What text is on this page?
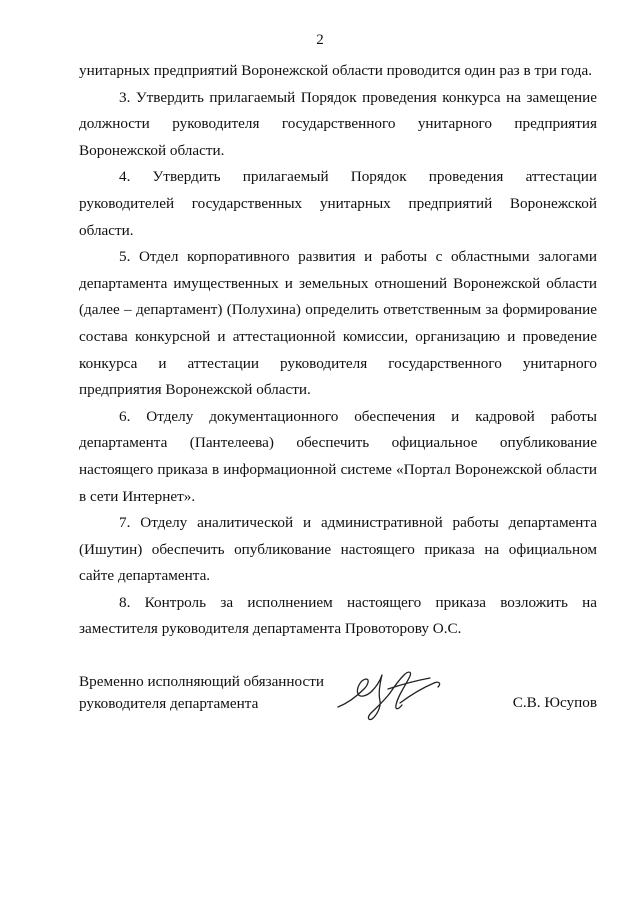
2

унитарных предприятий Воронежской области проводится один раз в три года.

3. Утвердить прилагаемый Порядок проведения конкурса на замещение должности руководителя государственного унитарного предприятия Воронежской области.

4. Утвердить прилагаемый Порядок проведения аттестации руководителей государственных унитарных предприятий Воронежской области.

5. Отдел корпоративного развития и работы с областными залогами департамента имущественных и земельных отношений Воронежской области (далее – департамент) (Полухина) определить ответственным за формирование состава конкурсной и аттестационной комиссии, организацию и проведение конкурса и аттестации руководителя государственного унитарного предприятия Воронежской области.

6. Отделу документационного обеспечения и кадровой работы департамента (Пантелеева) обеспечить официальное опубликование настоящего приказа в информационной системе «Портал Воронежской области в сети Интернет».

7. Отделу аналитической и административной работы департамента (Ишутин) обеспечить опубликование настоящего приказа на официальном сайте департамента.

8. Контроль за исполнением настоящего приказа возложить на заместителя руководителя департамента Провоторову О.С.

Временно исполняющий обязанности
руководителя департамента	С.В. Юсупов
